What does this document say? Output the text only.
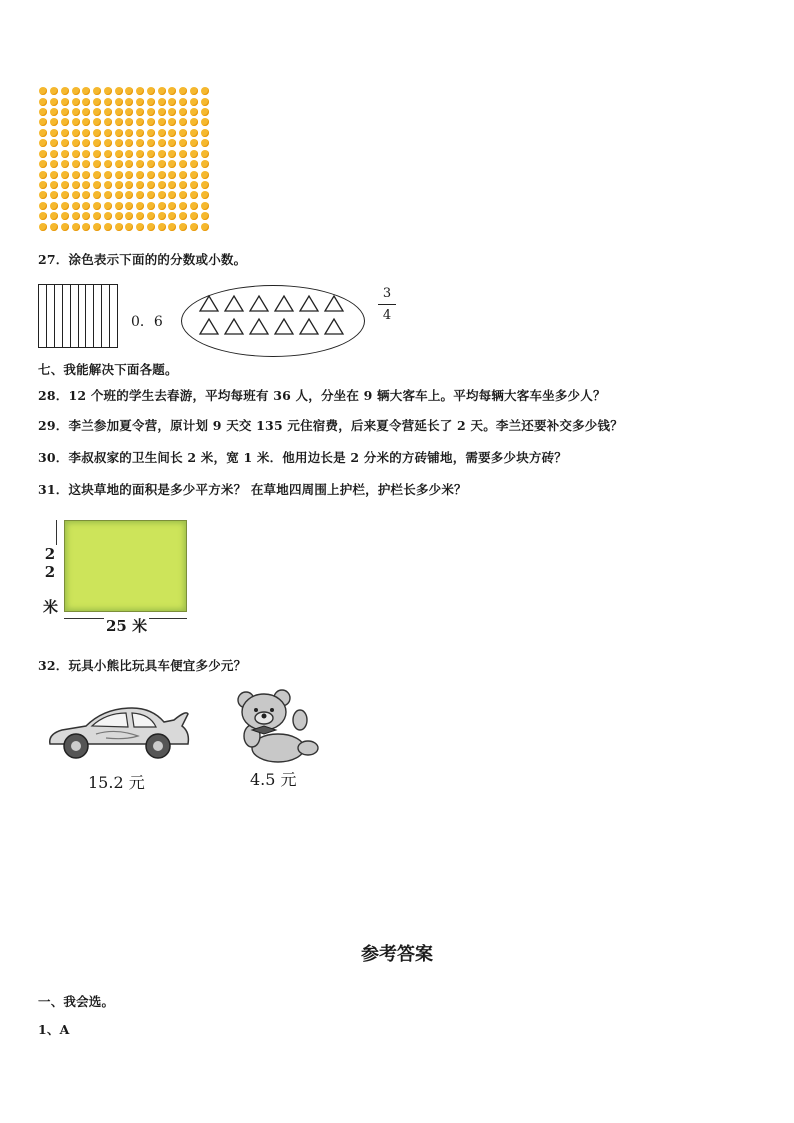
27．涂色表示下面的的分数或小数。
0．6
3
4
七、我能解决下面各题。
28．12 个班的学生去春游，平均每班有 36 人，分坐在 9 辆大客车上。平均每辆大客车坐多少人？
29．李兰参加夏令营，原计划 9 天交 135 元住宿费，后来夏令营延长了 2 天。李兰还要补交多少钱？
30．李叔叔家的卫生间长 2 米，宽 1 米．他用边长是 2 分米的方砖铺地，需要多少块方砖？
31．这块草地的面积是多少平方米？ 在草地四周围上护栏，护栏长多少米？
22 米
25 米
32．玩具小熊比玩具车便宜多少元？
15.2 元	4.5 元
参考答案
一、我会选。
1、A
